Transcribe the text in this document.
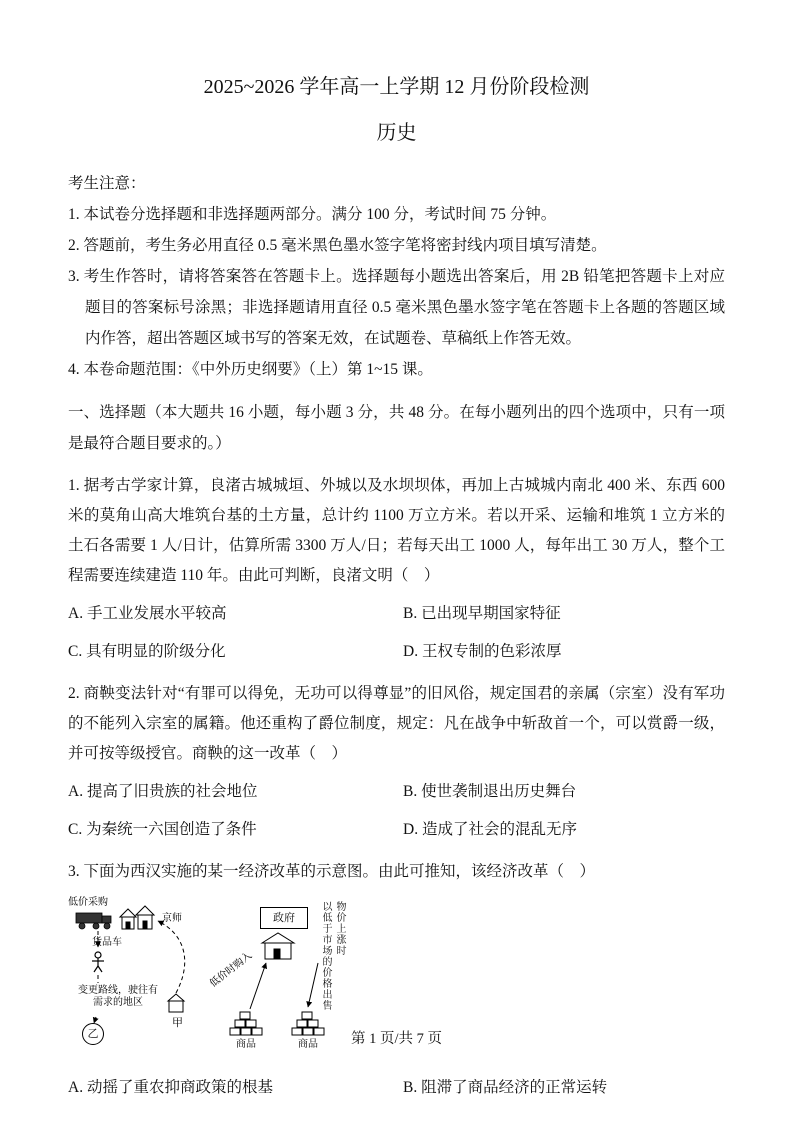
2025~2026 学年高一上学期 12 月份阶段检测
历史
考生注意：
1. 本试卷分选择题和非选择题两部分。满分 100 分，考试时间 75 分钟。
2. 答题前，考生务必用直径 0.5 毫米黑色墨水签字笔将密封线内项目填写清楚。
3. 考生作答时，请将答案答在答题卡上。选择题每小题选出答案后，用 2B 铅笔把答题卡上对应题目的答案标号涂黑；非选择题请用直径 0.5 毫米黑色墨水签字笔在答题卡上各题的答题区域内作答，超出答题区域书写的答案无效，在试题卷、草稿纸上作答无效。
4. 本卷命题范围：《中外历史纲要》（上）第 1~15 课。
一、选择题（本大题共 16 小题，每小题 3 分，共 48 分。在每小题列出的四个选项中，只有一项是最符合题目要求的。）
1. 据考古学家计算，良渚古城城垣、外城以及水坝坝体，再加上古城城内南北 400 米、东西 600 米的莫角山高大堆筑台基的土方量，总计约 1100 万立方米。若以开采、运输和堆筑 1 立方米的土石各需要 1 人/日计，估算所需 3300 万人/日；若每天出工 1000 人，每年出工 30 万人，整个工程需要连续建造 110 年。由此可判断，良渚文明（　）
A. 手工业发展水平较高	B. 已出现早期国家特征
C. 具有明显的阶级分化	D. 王权专制的色彩浓厚
2. 商鞅变法针对“有罪可以得免，无功可以得尊显”的旧风俗，规定国君的亲属（宗室）没有军功的不能列入宗室的属籍。他还重构了爵位制度，规定：凡在战争中斩敌首一个，可以赏爵一级，并可按等级授官。商鞅的这一改革（　）
A. 提高了旧贵族的社会地位	B. 使世袭制退出历史舞台
C. 为秦统一六国创造了条件	D. 造成了社会的混乱无序
3. 下面为西汉实施的某一经济改革的示意图。由此可推知，该经济改革（　）
低价采购
京师
货品车
变更路线，驶往有需求的地区
乙
甲
政府
低价时购入
物价上涨时
以低于市场的价格出售
商品	商品
A. 动摇了重农抑商政策的根基	B. 阻滞了商品经济的正常运转
第 1 页/共 7 页
